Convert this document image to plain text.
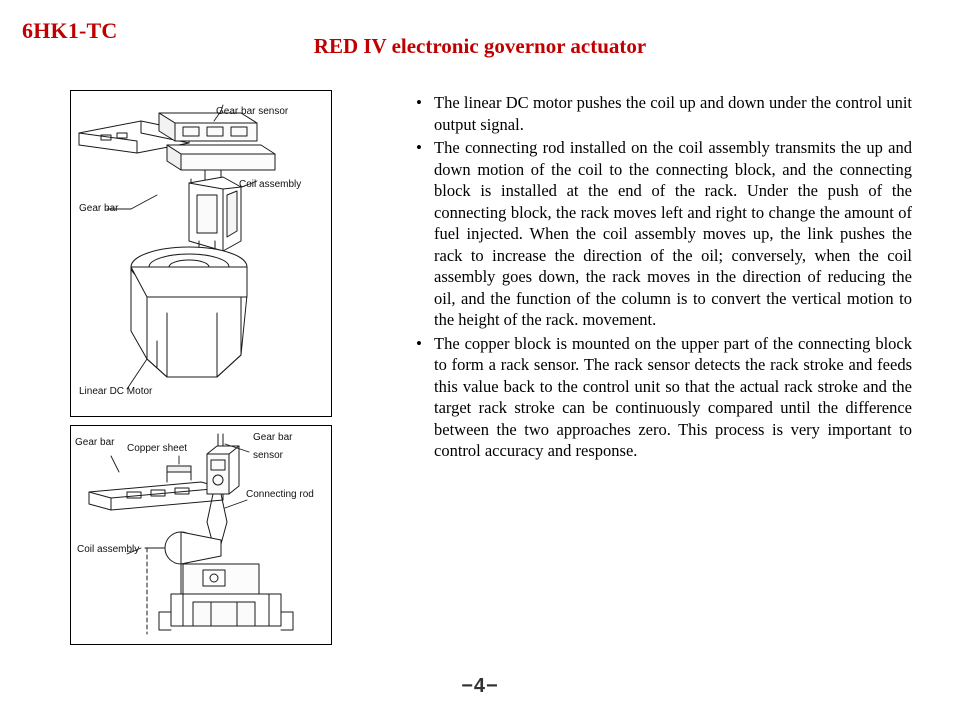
6HK1-TC
RED IV electronic governor actuator
Gear bar sensor
Coil assembly
Gear bar
Linear DC Motor
Gear bar
Copper sheet
Gear bar
sensor
Connecting rod
Coil assembly
• The linear DC motor pushes the coil up and down under the control unit output signal.
• The connecting rod installed on the coil assembly transmits the up and down motion of the coil to the connecting block, and the connecting block is installed at the end of the rack. Under the push of the connecting block, the rack moves left and right to change the amount of fuel injected. When the coil assembly moves up, the link pushes the rack to increase the direction of the oil; conversely, when the coil assembly goes down, the rack moves in the direction of reducing the oil, and the function of the column is to convert the vertical motion to the height of the rack. movement.
• The copper block is mounted on the upper part of the connecting block to form a rack sensor. The rack sensor detects the rack stroke and feeds this value back to the control unit so that the actual rack stroke and the target rack stroke can be continuously compared until the difference between the two approaches zero. This process is very important to control accuracy and response.
−4−
